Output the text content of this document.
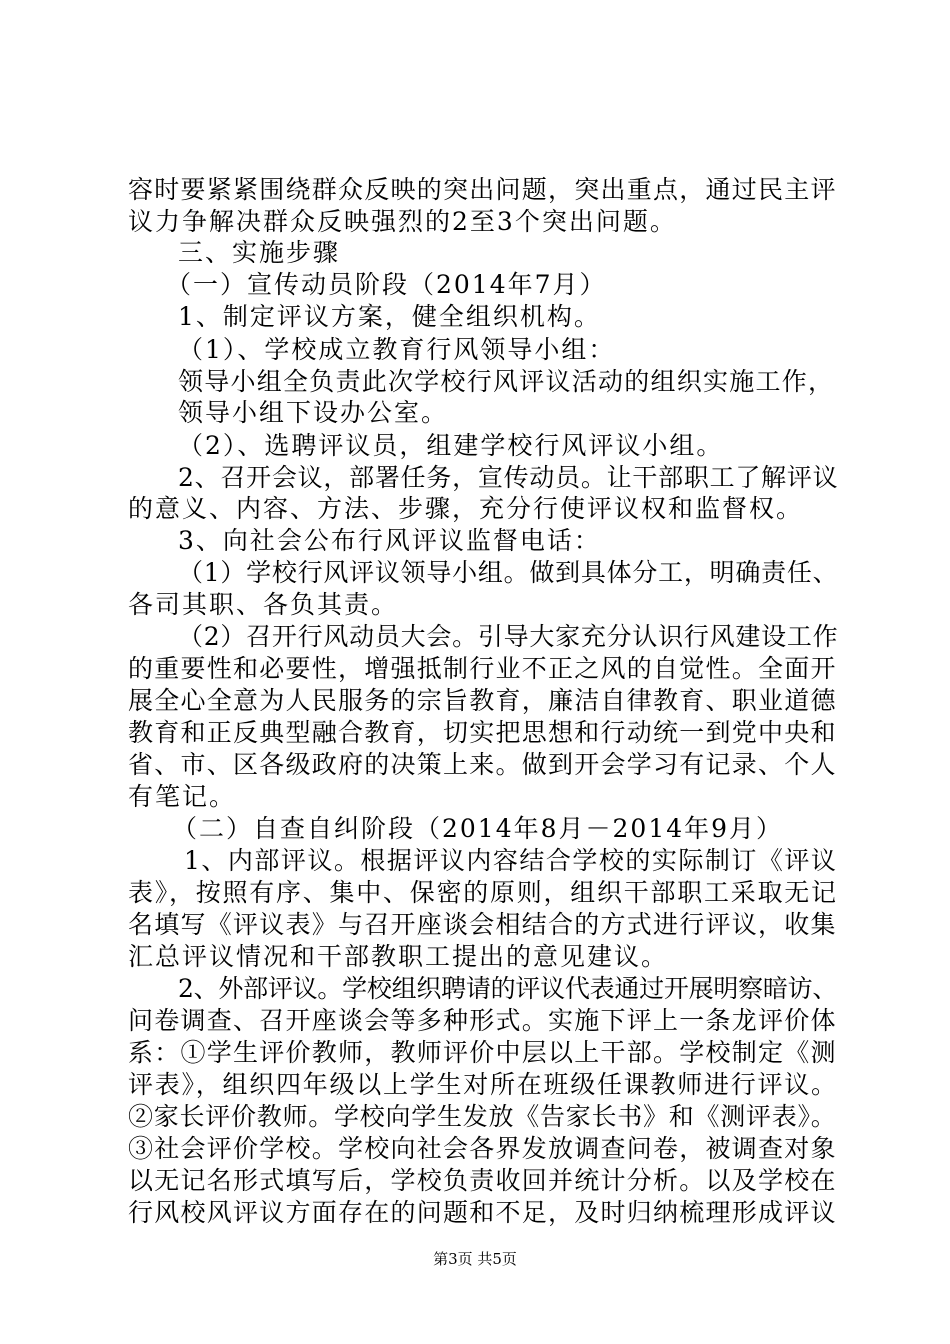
容时要紧紧围绕群众反映的突出问题，突出重点，通过民主评
议力争解决群众反映强烈的2至3个突出问题。
三、实施步骤
（一）宣传动员阶段（2014年7月）
1、制定评议方案，健全组织机构。
（1）、学校成立教育行风领导小组：
领导小组全负责此次学校行风评议活动的组织实施工作，
领导小组下设办公室。
（2）、选聘评议员，组建学校行风评议小组。
2、召开会议，部署任务，宣传动员。让干部职工了解评议
的意义、内容、方法、步骤，充分行使评议权和监督权。
3、向社会公布行风评议监督电话：
（1）学校行风评议领导小组。做到具体分工，明确责任、
各司其职、各负其责。
（2）召开行风动员大会。引导大家充分认识行风建设工作
的重要性和必要性，增强抵制行业不正之风的自觉性。全面开
展全心全意为人民服务的宗旨教育，廉洁自律教育、职业道德
教育和正反典型融合教育，切实把思想和行动统一到党中央和
省、市、区各级政府的决策上来。做到开会学习有记录、个人
有笔记。
（二）自查自纠阶段（2014年8月－2014年9月）
1、内部评议。根据评议内容结合学校的实际制订《评议
表》，按照有序、集中、保密的原则，组织干部职工采取无记
名填写《评议表》与召开座谈会相结合的方式进行评议，收集
汇总评议情况和干部教职工提出的意见建议。
2、外部评议。学校组织聘请的评议代表通过开展明察暗访、
问卷调查、召开座谈会等多种形式。实施下评上一条龙评价体
系：①学生评价教师，教师评价中层以上干部。学校制定《测
评表》，组织四年级以上学生对所在班级任课教师进行评议。
②家长评价教师。学校向学生发放《告家长书》和《测评表》。
③社会评价学校。学校向社会各界发放调查问卷，被调查对象
以无记名形式填写后，学校负责收回并统计分析。以及学校在
行风校风评议方面存在的问题和不足，及时归纳梳理形成评议
第3页 共5页
